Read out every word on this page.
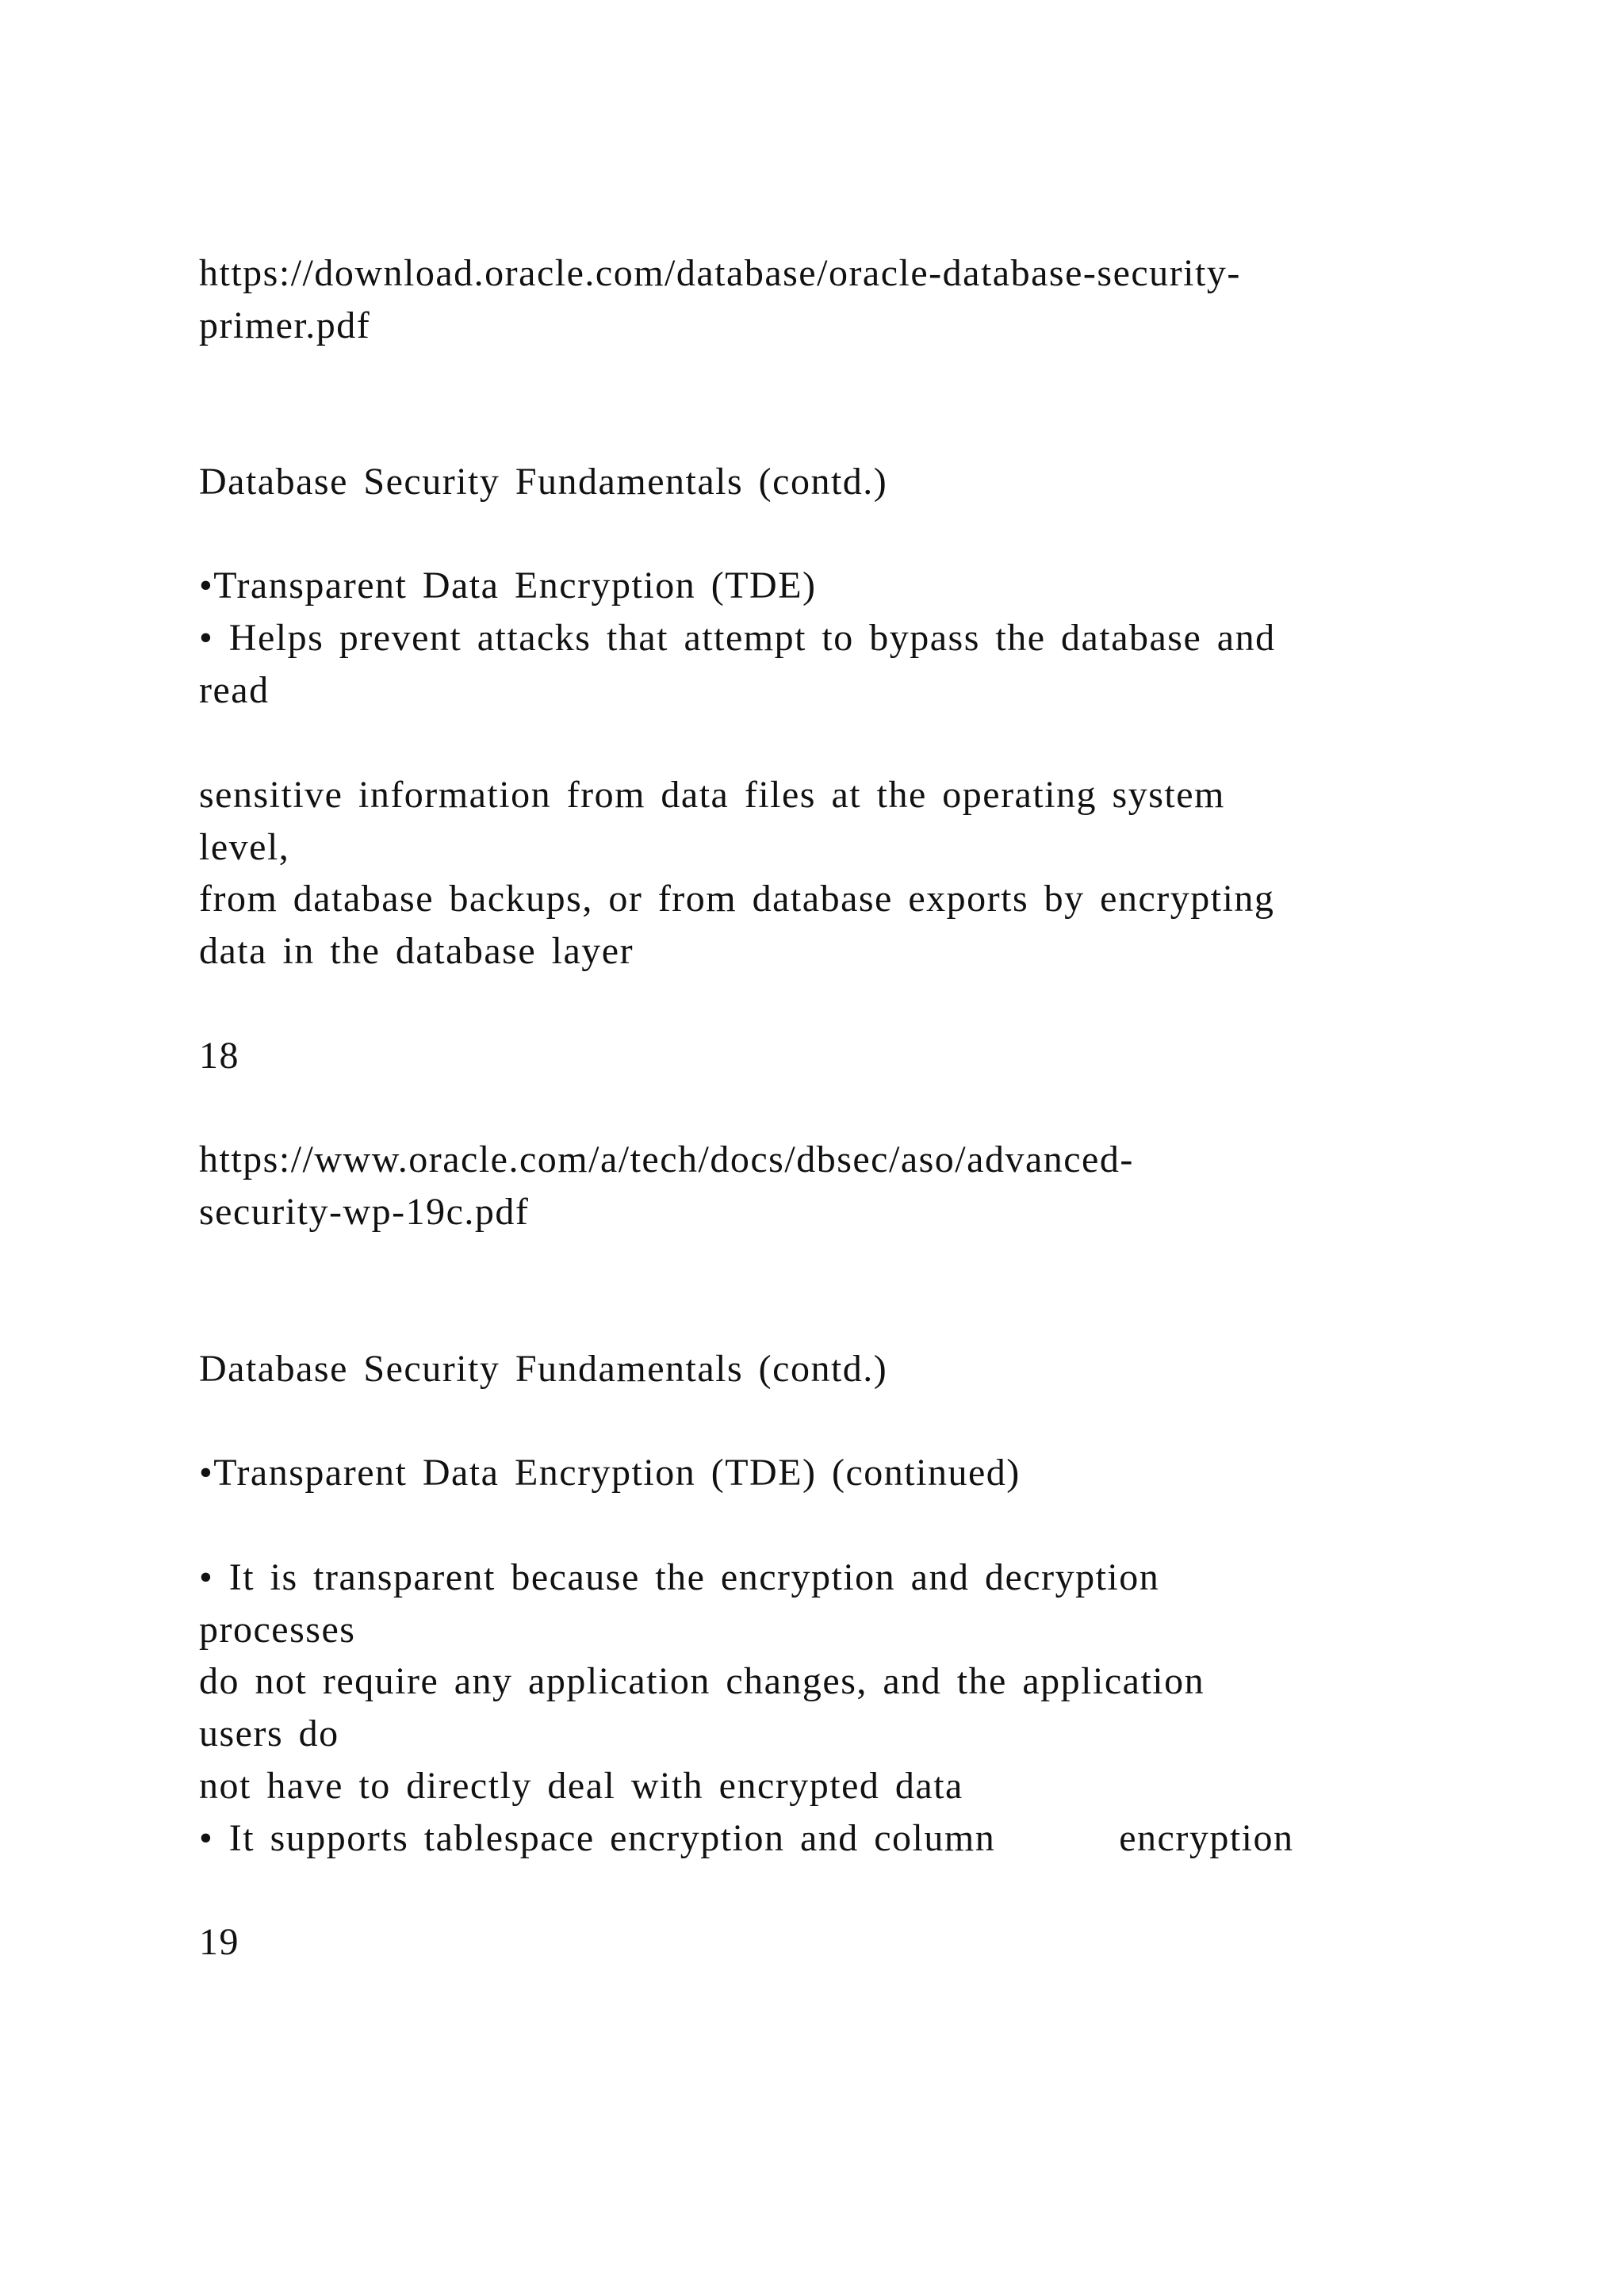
https://download.oracle.com/database/oracle-database-security-

primer.pdf

Database Security Fundamentals (contd.)

•Transparent Data Encryption (TDE)

• Helps prevent attacks that attempt to bypass the database and

read

sensitive information from data files at the operating system

level,

from database backups, or from database exports by encrypting

data in the database layer

18

https://www.oracle.com/a/tech/docs/dbsec/aso/advanced-

security-wp-19c.pdf

Database Security Fundamentals (contd.)

•Transparent Data Encryption (TDE) (continued)

• It is transparent because the encryption and decryption

processes

do not require any application changes, and the application

users do

not have to directly deal with encrypted data

• It supports tablespace encryption and column        encryption

19
